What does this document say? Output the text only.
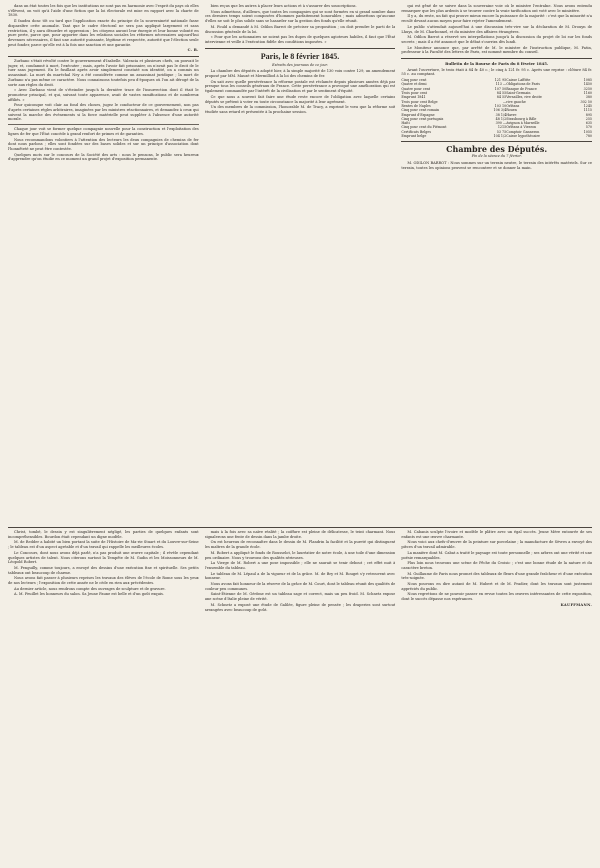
dans un état toutes les fois que les institutions ne sont pas en harmonie avec l'esprit du pays où elles s'élèvent, on voit qu'à l'aide d'une fiction que la loi électorale est mise en rapport avec la charte de 1830.

Il faudra donc tôt ou tard que l'application exacte du principe de la souveraineté nationale fasse disparaître cette anomalie. Tant que le cadre électoral ne sera pas appliqué largement et sans restriction, il y aura désordre et oppression ; les citoyens auront leur énergie et leur bonne volonté en pure perte, parce que, pour apporter dans les relations sociales les réformes nécessaires aujourd'hui devenues nécessaires, il faut une autorité puissante, légitime et respectée, autorité que l'élection seule peut fonder, parce qu'elle est à la fois une sanction et une garantie.

C. B.

Zurbano s'était révolté contre le gouvernement d'Isabelle. Valencia et plusieurs chefs, on pouvait le juger, et, condamné à mort, l'exécuter ; mais, après l'avoir fait prisonnier, on n'avait pas le droit de le tuer sans jugement. En le fusillant après avoir simplement constaté son identité, on a commis un assassinat. La mort du maréchal Ney a été considérée comme un assassinat juridique ; la mort de Zurbano n'a pas même ce caractère. Nous connaissons toutefois peu d'époques où l'on ait dérogé de la sorte aux règles du droit.

« Avec Zurbano vient de s'éteindre jusqu'à la dernière trace de l'insurrection dont il était le promoteur principal, et qui, suivant toute apparence, avait de vastes ramifications et de nombreux affiliés. »

Pour quiconque voit clair au fond des choses, jugez le conducteur de ce gouvernement, non pas d'après certaines règles arbitraires, imaginées par les ministres réactionnaires, et demandez à ceux qui suivent la marche des événements si la force matérielle peut suppléer à l'absence d'une autorité morale.

Chaque jour voit se former quelque compagnie nouvelle pour la construction et l'exploitation des lignes de fer que l'État concède à grand renfort de primes et de garanties.

Nous recommandons volontiers à l'attention des lecteurs les deux compagnies de chemins de fer dont nous parlons ; elles sont fondées sur des bases solides et sur un principe d'association dont l'honnêteté ne peut être contestée.

Quelques mots sur le concours de la Société des arts : nous le pensons, le public sera heureux d'apprendre qu'on étudie en ce moment un grand projet d'exposition permanente.

bien reçus que les autres à placer leurs actions et à s'assurer des souscriptions.

Nous admettons, d'ailleurs, que toutes les compagnies qui se sont formées en si grand nombre dans ces derniers temps soient composées d'hommes parfaitement honorables ; mais admettons qu'aucune d'elles ne soit le plus solide sans se hasarder sur la gestion des fonds qu'elle réunit.

M. Fould a demandé à M. Odilon Barrot de préciser sa proposition ; on doit prendre le parti de la discussion générale de la loi.

« Pour que les actionnaires ne soient pas les dupes de quelques agioteurs habiles, il faut que l'État intervienne et veille à l'exécution fidèle des conditions imposées. »

Paris, le 8 février 1845.
Extraits des journaux de ce jour.

La chambre des députés a adopté hier, à la simple majorité de 130 voix contre 129, un amendement proposé par MM. Mauzé et Mermilliod à la loi des chemins de fer.

On sait avec quelle persévérance la réforme postale est réclamée depuis plusieurs années déjà par presque tous les conseils généraux de France. Cette persévérance a provoqué une amélioration qui est également commandée par l'intérêt de la civilisation et par le sentiment d'équité.

Ce que nous a souvent fait faire une étude reste encore de l'obligation avec laquelle certains députés se prêtent à voter en toute circonstance la majorité à leur agrément.

Un des membres de la commission, l'honorable M. de Tracy, a exprimé le vœu que la réforme soit étudiée sans retard et présentée à la prochaine session.

qui est gêné de se suivre dans la souveraine voie où le ministre l'entraîne. Nous avons entendu remarquer que les plus ardents à se trouver contre la vraie tarification ont voté avec le ministère.

Il y a, du reste, un fait qui prouve mieux encore la puissance de la majorité : c'est que la minorité n'a reculé devant aucun moyen pour faire rejeter l'amendement.

Le public s'attendait aujourd'hui à une discussion très-vive sur la déclaration de M. Drouyn de Lhuys, de M. Charbonnel, et du ministre des affaires étrangères.

M. Odilon Barrot a réservé ses interpellations jusqu'à la discussion du projet de loi sur les fonds secrets ; mais il a été annoncé que le débat s'ouvrira dès lundi.

Le Moniteur annonce que, par arrêté de M. le ministre de l'instruction publique, M. Patin, professeur à la Faculté des lettres de Paris, est nommé membre du conseil.

Bulletin de la Bourse de Paris du 8 février 1845.

Avant l'ouverture, le trois était à 84 fr. 40 c.; le cinq à 121 fr. 95 c. Après une reprise : clôture 84 fr. 55 c. au comptant.

Cinq pour cent	121 95	Caisse Laffitte	1085
Quatre et demi	113 —	Obligations de Paris	1450
Quatre pour cent	107 50	Banque de France	3250
Trois pour cent	84 55	Saint-Germain	1160
Emprunt 1841	84 55	Versailles, rive droite	380
Trois pour cent Belge	—	rive gauche	302 50
Rentes de Naples	103 10	Orléans	1245
Cinq pour cent romain	106 3/4	Rouen	1115
Emprunt d'Espagne	38 1/4	Havre	895
Cinq pour cent portugais	48 1/2	Strasbourg à Bâle	255
Haïti	390 —	Avignon à Marseille	635
Cinq pour cent du Piémont	1215	Orléans à Vierzon	570
Certificats Belges	53 75	Comptoir Ganneron	1055
Emprunt belge	104 1/2	Caisse hypothécaire	780
Chambre des Députés.
Fin de la séance du 7 février.

M. ODILON BARROT : Nous sommes sur un terrain neutre, le terrain des intérêts matériels. Sur ce terrain, toutes les opinions peuvent se rencontrer et se donner la main.

Christ, tombé, le dessin y est singulièrement négligé, les parties de quelques enfants sont incompréhensibles. Bourdon était cependant un digne modèle.

M. de Redder a habité un bien portant la suite de l'Histoire de Ma-rie Stuart et du Louvre-sur-Seine ; le tableau est d'un aspect agréable et d'un travail qui rappelle les meilleures écoles.

Le Concours, dont nous avons déjà parlé, n'a pas produit une œuvre capitale ; il révèle cependant quelques artistes de talent. Nous citerons surtout la Tempête de M. Gudin et les Moissonneurs de M. Léopold Robert.

M. Penguilly, comme toujours, a envoyé des dessins d'une exécution fine et spirituelle. Ses petits tableaux ont beaucoup de charme.

Nous avons fait passer à plusieurs reprises les travaux des élèves de l'école de Rome sous les yeux de nos lecteurs ; l'exposition de cette année ne le cède en rien aux précédentes.

Au dernier article, nous rendrons compte des ouvrages de sculpture et de gravure.

A. M. Feuillet les honneurs du salon. Sa Jeune Faune est belle et d'un goût exquis.

mais à la fois avec sa naïve réalité ; la coiffure est pleine de délicatesse, le teint charmant. Nous signalerons une fente de dessin dans la jambe droite.

On est heureux de reconnaître dans le dessin de M. Flandrin la facilité et la pureté qui distinguent les maîtres de la grande école.

M. Robert a appliqué le fonds de Rousselot, le lauréatier de notre école, à une toile d'une dimension peu ordinaire. Nous y trouvons des qualités sérieuses.

La Vierge de M. Robert a une pose impossible ; elle ne saurait se tenir debout ; cet effet nuit à l'ensemble du tableau.

Le tableau de M. Lépaul a de la vigueur et de la grâce. M. de Bry et M. Rouget s'y retrouvent avec honneur.

Nous avons fait honneur de la réserve de la grâce de M. Court, dont le tableau réunit des qualités de couleur peu communes.

Saint-Étienne de M. Gérôme est un tableau sage et correct, mais un peu froid. M. Schnetz expose une scène d'Italie pleine de vérité.

M. Schnetz a exposé une étude de Galilée, figure pleine de pensée ; les draperies sont surtout arrangées avec beaucoup de goût.

M. Cabanis sculpte l'ivoire et modèle le plâtre avec un égal succès. Jeune Mère entourée de ses enfants est une œuvre charmante.

Nous voici aux chefs-d'œuvre de la peinture sur porcelaine ; la manufacture de Sèvres a envoyé des pièces d'un travail admirable.

La manière dont M. Cabat a traité le paysage est toute personnelle ; ses arbres ont une vérité et une poésie remarquables.

Plus loin nous trouvons une scène de Pêche du Croisic ; c'est une bonne étude de la nature et du caractère breton.

M. Guillaume de Paris nous promet des tableaux de fleurs d'une grande fraîcheur et d'une exécution très-soignée.

Nous pouvons en dire autant de M. Hubert et de M. Pradier, dont les travaux sont justement appréciés du public.

Nous regrettons de ne pouvoir passer en revue toutes les œuvres intéressantes de cette exposition, dont le succès dépasse nos espérances.

KAUFFMANN.
